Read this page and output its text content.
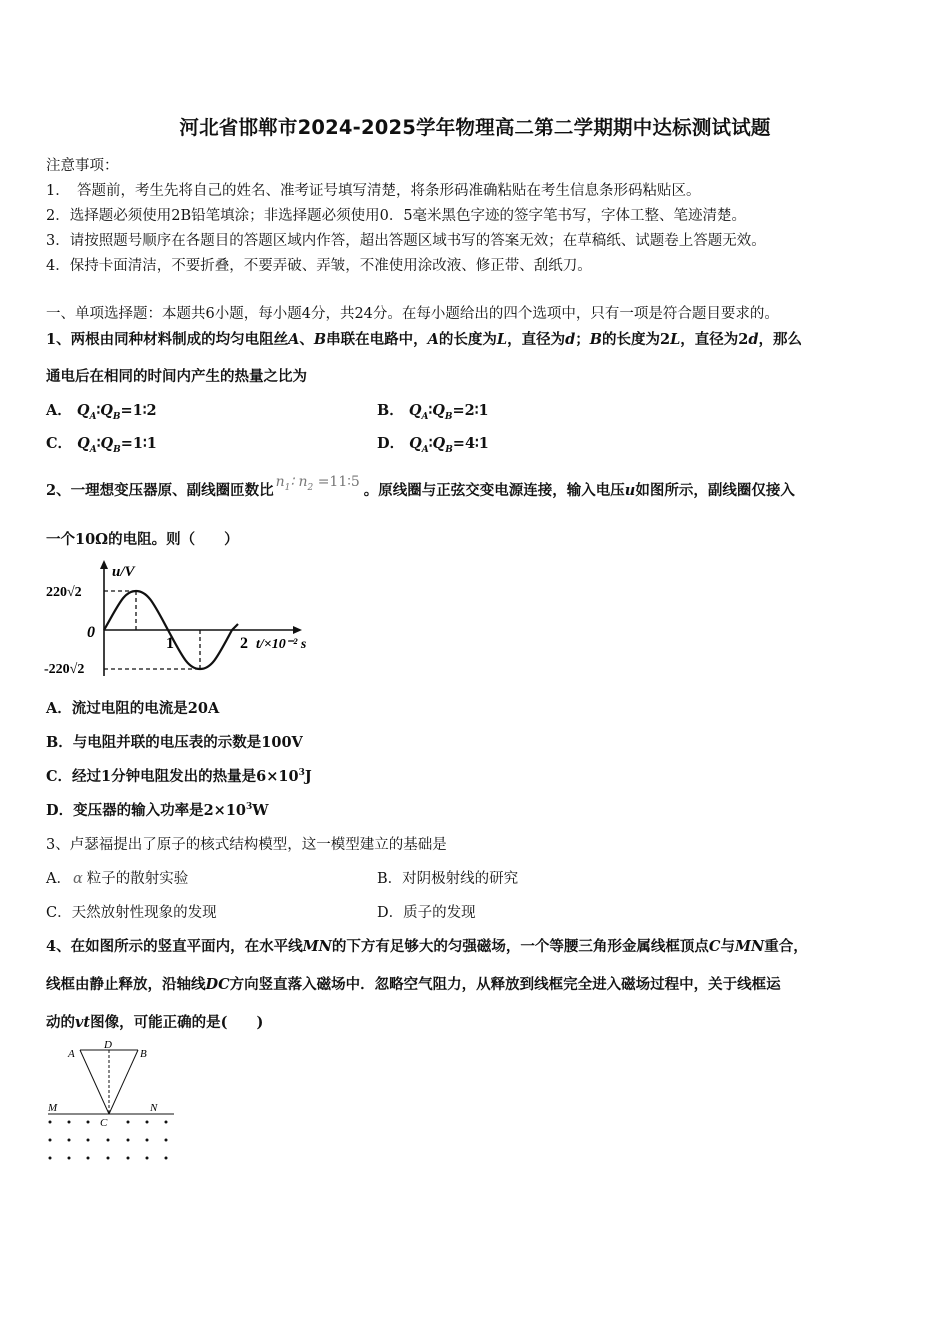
河北省邯郸市2024-2025学年物理高二第二学期期中达标测试试题
注意事项：
1．　答题前，考生先将自己的姓名、准考证号填写清楚，将条形码准确粘贴在考生信息条形码粘贴区。
2．选择题必须使用2B铅笔填涂；非选择题必须使用0．5毫米黑色字迹的签字笔书写，字体工整、笔迹清楚。
3．请按照题号顺序在各题目的答题区域内作答，超出答题区域书写的答案无效；在草稿纸、试题卷上答题无效。
4．保持卡面清洁，不要折叠，不要弄破、弄皱，不准使用涂改液、修正带、刮纸刀。
一、单项选择题：本题共6小题，每小题4分，共24分。在每小题给出的四个选项中，只有一项是符合题目要求的。
1、两根由同种材料制成的均匀电阻丝A、B串联在电路中，A的长度为L，直径为d；B的长度为2L，直径为2d，那么
通电后在相同的时间内产生的热量之比为
A． $Q_A∶Q_B=1∶2$	B． $Q_A∶Q_B=2∶1$
C． $Q_A∶Q_B=1∶1$	D． $Q_A∶Q_B=4∶1$
2、一理想变压器原、副线圈匝数比 $n_1∶$ $n_2$ =11∶5 。原线圈与正弦交变电源连接，输入电压u如图所示，副线圈仅接入
一个10Ω的电阻。则（　　）
u/V
220√2
-220√2
0
1	2 t/×10⁻² s
A．流过电阻的电流是20A
B．与电阻并联的电压表的示数是100V
C．经过1分钟电阻发出的热量是$6\times 10^3J$
D．变压器的输入功率是$2\times 10^3W$
3、卢瑟福提出了原子的核式结构模型，这一模型建立的基础是
A． α 粒子的散射实验	B．对阴极射线的研究
C．天然放射性现象的发现	D．质子的发现
4、在如图所示的竖直平面内，在水平线MN的下方有足够大的匀强磁场，一个等腰三角形金属线框顶点C与MN重合，
线框由静止释放，沿轴线DC方向竖直落入磁场中．忽略空气阻力，从释放到线框完全进入磁场过程中，关于线框运
动的vt图像，可能正确的是(　　)
A
D
B
M	N
C
